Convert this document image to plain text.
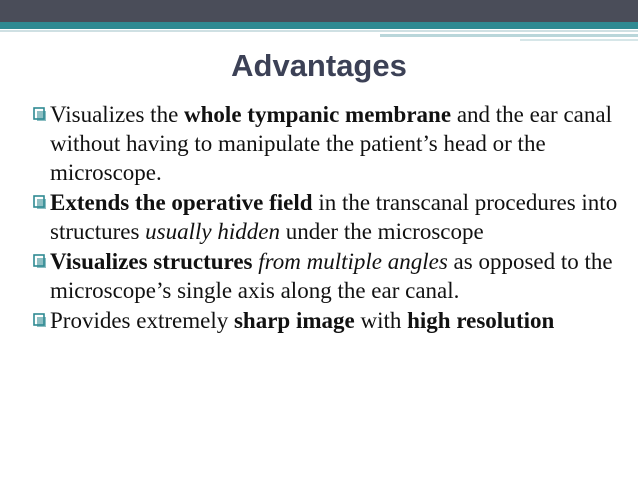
Advantages
Visualizes the whole tympanic membrane and the ear canal without having to manipulate the patient’s head or the microscope.
Extends the operative field in the transcanal procedures into structures usually hidden under the microscope
Visualizes structures from multiple angles as opposed to the microscope’s single axis along the ear canal.
Provides extremely sharp image with high resolution
